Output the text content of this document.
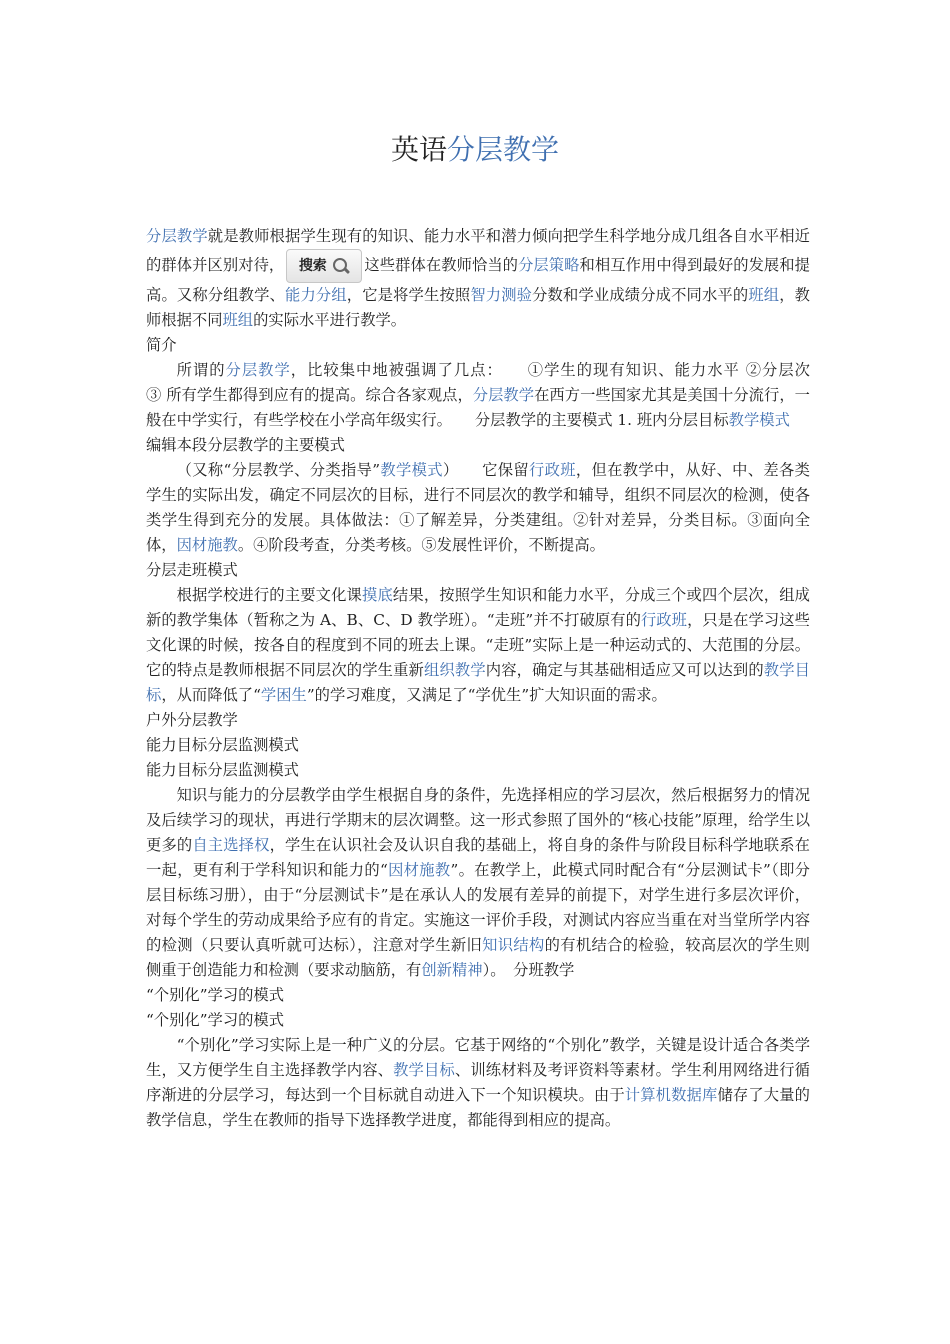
英语分层教学

分层教学就是教师根据学生现有的知识、能力水平和潜力倾向把学生科学地分成几组各自水平相近的群体并区别对待， 搜索 这些群体在教师恰当的分层策略和相互作用中得到最好的发展和提高。又称分组教学、能力分组，它是将学生按照智力测验分数和学业成绩分成不同水平的班组，教师根据不同班组的实际水平进行教学。

简介

所谓的分层教学，比较集中地被强调了几点：　　①学生的现有知识、能力水平 ②分层次　　③ 所有学生都得到应有的提高。综合各家观点，分层教学在西方一些国家尤其是美国十分流行，一般在中学实行，有些学校在小学高年级实行。　　分层教学的主要模式 1. 班内分层目标教学模式

编辑本段分层教学的主要模式

（又称“分层教学、分类指导”教学模式）　　它保留行政班，但在教学中，从好、中、差各类学生的实际出发，确定不同层次的目标，进行不同层次的教学和辅导，组织不同层次的检测，使各类学生得到充分的发展。具体做法：①了解差异，分类建组。②针对差异，分类目标。③面向全体，因材施教。④阶段考查，分类考核。⑤发展性评价，不断提高。

分层走班模式

根据学校进行的主要文化课摸底结果，按照学生知识和能力水平，分成三个或四个层次，组成新的教学集体（暂称之为 A、B、C、D 教学班）。“走班”并不打破原有的行政班，只是在学习这些文化课的时候，按各自的程度到不同的班去上课。“走班”实际上是一种运动式的、大范围的分层。它的特点是教师根据不同层次的学生重新组织教学内容，确定与其基础相适应又可以达到的教学目标，从而降低了“学困生”的学习难度，又满足了“学优生”扩大知识面的需求。

户外分层教学

能力目标分层监测模式

能力目标分层监测模式

知识与能力的分层教学由学生根据自身的条件，先选择相应的学习层次，然后根据努力的情况及后续学习的现状，再进行学期末的层次调整。这一形式参照了国外的“核心技能”原理，给学生以更多的自主选择权，学生在认识社会及认识自我的基础上，将自身的条件与阶段目标科学地联系在一起，更有利于学科知识和能力的“因材施教”。在教学上，此模式同时配合有“分层测试卡”（即分层目标练习册），由于“分层测试卡”是在承认人的发展有差异的前提下，对学生进行多层次评价，对每个学生的劳动成果给予应有的肯定。实施这一评价手段，对测试内容应当重在对当堂所学内容的检测（只要认真听就可达标），注意对学生新旧知识结构的有机结合的检验，较高层次的学生则侧重于创造能力和检测（要求动脑筋，有创新精神）。　分班教学

“个别化”学习的模式

“个别化”学习的模式

“个别化”学习实际上是一种广义的分层。它基于网络的“个别化”教学，关键是设计适合各类学生，又方便学生自主选择教学内容、教学目标、训练材料及考评资料等素材。学生利用网络进行循序渐进的分层学习，每达到一个目标就自动进入下一个知识模块。由于计算机数据库储存了大量的教学信息，学生在教师的指导下选择教学进度，都能得到相应的提高。
